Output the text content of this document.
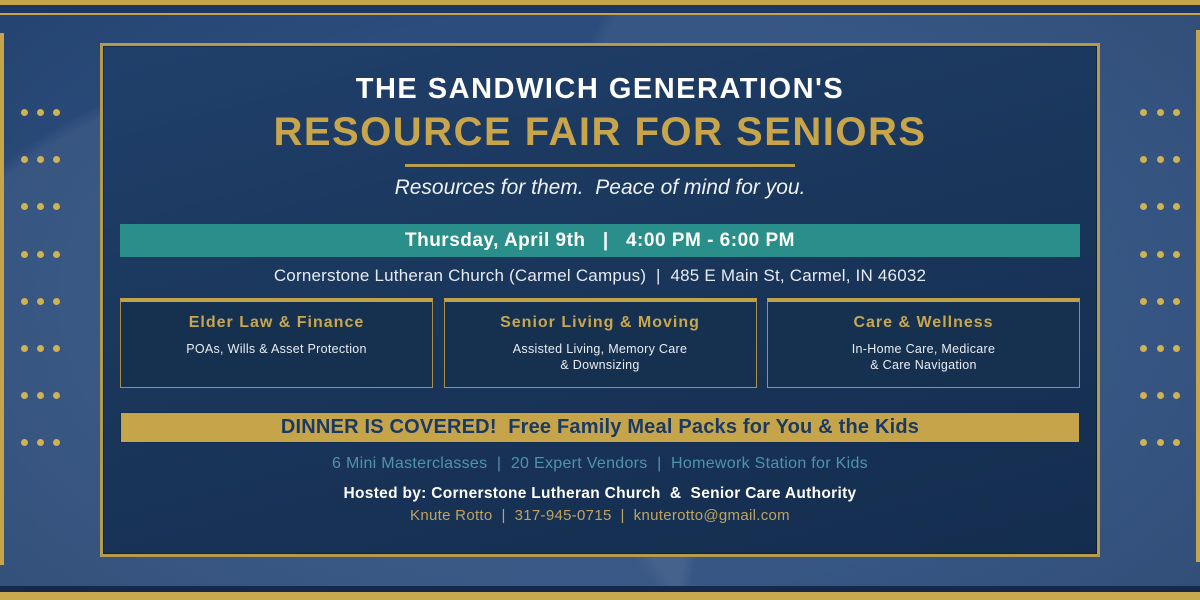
THE SANDWICH GENERATION'S
RESOURCE FAIR FOR SENIORS
Resources for them.  Peace of mind for you.
Thursday, April 9th   |   4:00 PM - 6:00 PM
Cornerstone Lutheran Church (Carmel Campus)  |  485 E Main St, Carmel, IN 46032
Elder Law & Finance
POAs, Wills & Asset Protection
Senior Living & Moving
Assisted Living, Memory Care
& Downsizing
Care & Wellness
In-Home Care, Medicare
& Care Navigation
DINNER IS COVERED!  Free Family Meal Packs for You & the Kids
6 Mini Masterclasses  |  20 Expert Vendors  |  Homework Station for Kids
Hosted by: Cornerstone Lutheran Church  &  Senior Care Authority
Knute Rotto  |  317-945-0715  |  knuterotto@gmail.com
